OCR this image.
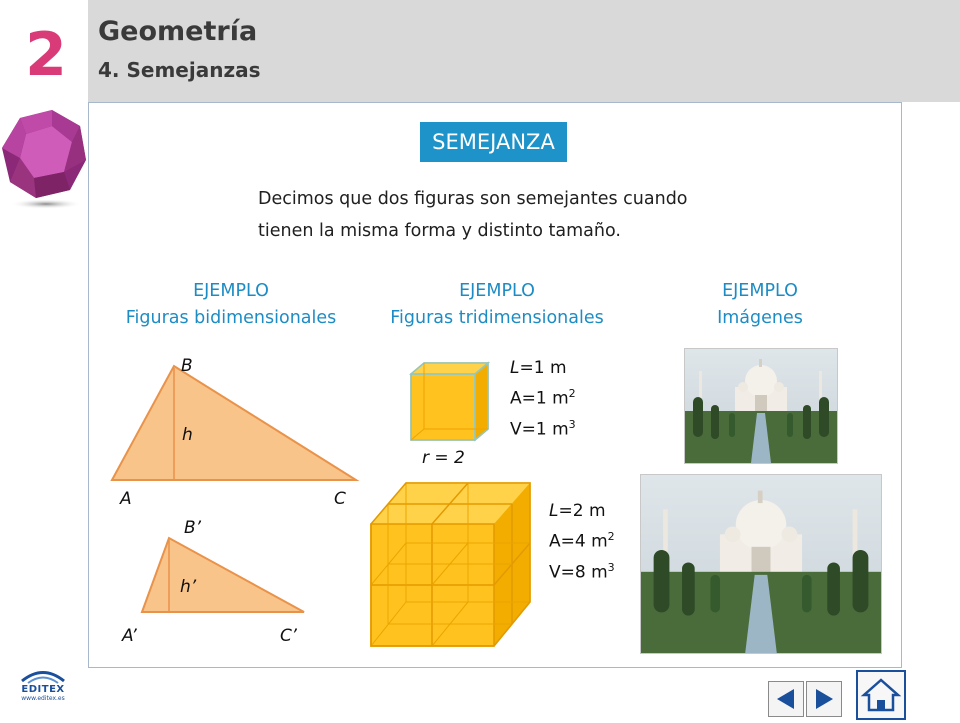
2 Geometría
4. Semejanzas
SEMEJANZA
Decimos que dos figuras son semejantes cuando
tienen la misma forma y distinto tamaño.
EJEMPLO
Figuras bidimensionales
EJEMPLO
Figuras tridimensionales
EJEMPLO
Imágenes
B
h
A	C
B’
h’
A’	C’
L=1 m
A=1 $m^2$
V=1 $m^3$
r = 2
L=2 m
A=4 $m^2$
V=8 $m^3$
EDITEX
www.editex.es
